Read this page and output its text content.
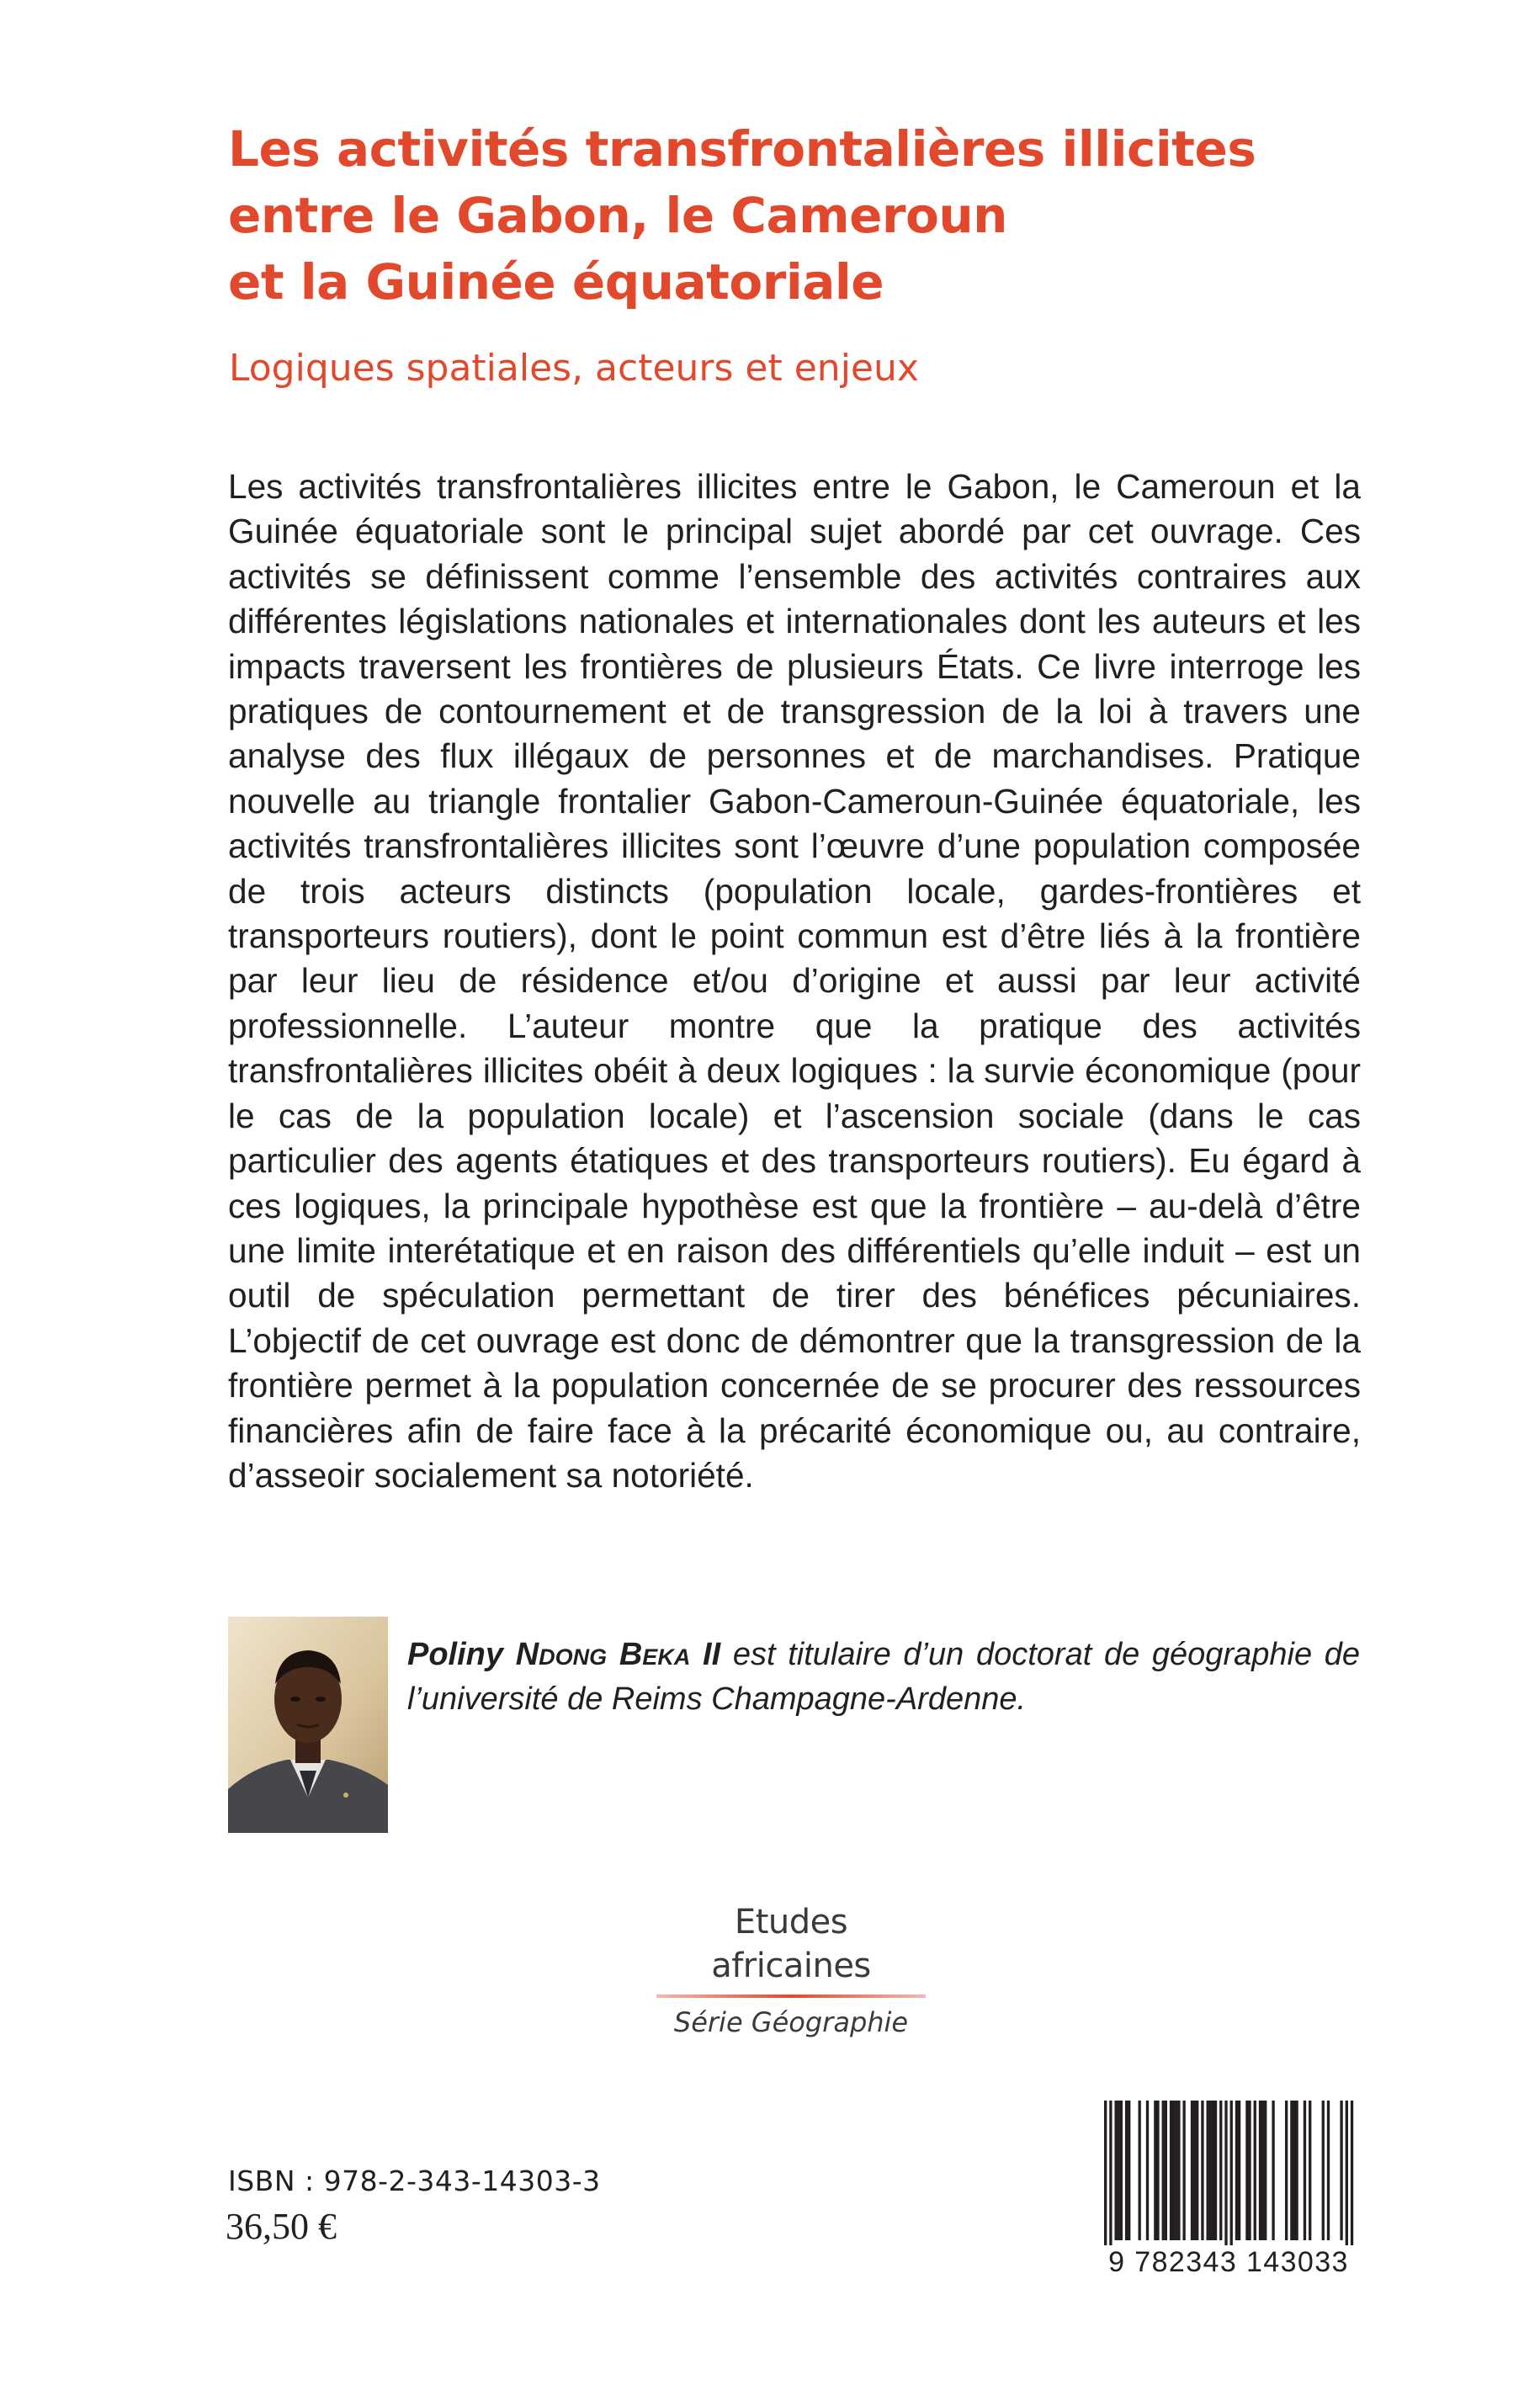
Les activités transfrontalières illicites
entre le Gabon, le Cameroun
et la Guinée équatoriale
Logiques spatiales, acteurs et enjeux

Les activités transfrontalières illicites entre le Gabon, le Cameroun et la Guinée équatoriale sont le principal sujet abordé par cet ouvrage. Ces activités se définissent comme l’ensemble des activités contraires aux différentes législations nationales et internationales dont les auteurs et les impacts traversent les frontières de plusieurs États. Ce livre interroge les pratiques de contournement et de transgression de la loi à travers une analyse des flux illégaux de personnes et de marchandises. Pratique nouvelle au triangle frontalier Gabon-Cameroun-Guinée équatoriale, les activités transfrontalières illicites sont l’œuvre d’une population composée de trois acteurs distincts (population locale, gardes-frontières et transporteurs routiers), dont le point commun est d’être liés à la frontière par leur lieu de résidence et/ou d’origine et aussi par leur activité professionnelle. L’auteur montre que la pratique des activités transfrontalières illicites obéit à deux logiques : la survie économique (pour le cas de la population locale) et l’ascension sociale (dans le cas particulier des agents étatiques et des transporteurs routiers). Eu égard à ces logiques, la principale hypothèse est que la frontière – au-delà d’être une limite interétatique et en raison des différentiels qu’elle induit – est un outil de spéculation permettant de tirer des bénéfices pécuniaires. L’objectif de cet ouvrage est donc de démontrer que la transgression de la frontière permet à la population concernée de se procurer des ressources financières afin de faire face à la précarité économique ou, au contraire, d’asseoir socialement sa notoriété.

Poliny Ndong Beka II est titulaire d’un doctorat de géographie de l’université de Reims Champagne-Ardenne.

Etudes africaines
Série Géographie
ISBN : 978-2-343-14303-3
36,50 €
9 782343 143033
